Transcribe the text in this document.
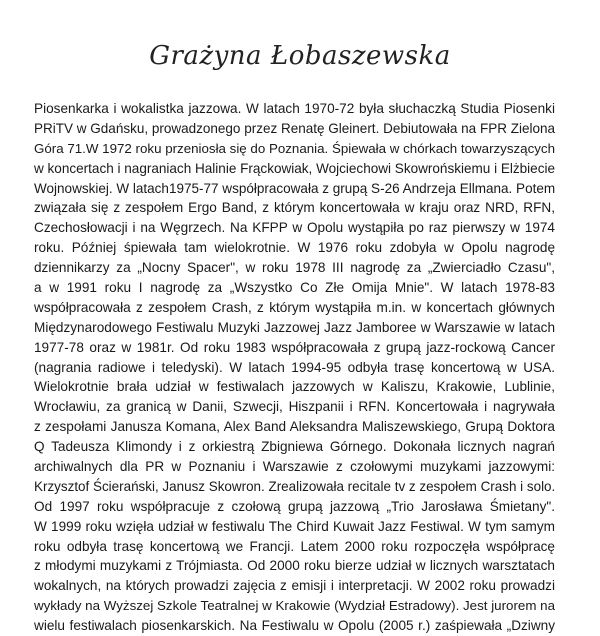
Grażyna Łobaszewska
Piosenkarka i wokalistka jazzowa. W latach 1970-72 była słuchaczką Studia Piosenki
PRiTV w Gdańsku, prowadzonego przez Renatę Gleinert. Debiutowała na FPR Zielona
Góra 71.W 1972 roku przeniosła się do Poznania. Śpiewała w chórkach towarzyszących
w koncertach i nagraniach Halinie Frąckowiak, Wojciechowi Skowrońskiemu i Elżbiecie
Wojnowskiej. W latach1975-77 współpracowała z grupą S-26 Andrzeja Ellmana. Potem
związała się z zespołem Ergo Band, z którym koncertowała w kraju oraz NRD, RFN,
Czechosłowacji i na Węgrzech. Na KFPP w Opolu wystąpiła po raz pierwszy w 1974
roku. Później śpiewała tam wielokrotnie. W 1976 roku zdobyła w Opolu nagrodę
dziennikarzy za „Nocny Spacer", w roku 1978 III nagrodę za „Zwierciadło Czasu",
a w 1991 roku I nagrodę za „Wszystko Co Złe Omija Mnie". W latach 1978-83
współpracowała z zespołem Crash, z którym wystąpiła m.in. w koncertach głównych
Międzynarodowego Festiwalu Muzyki Jazzowej Jazz Jamboree w Warszawie w latach
1977-78 oraz w 1981r. Od roku 1983 współpracowała z grupą jazz-rockową Cancer
(nagrania radiowe i teledyski). W latach 1994-95 odbyła trasę koncertową w USA.
Wielokrotnie brała udział w festiwalach jazzowych w Kaliszu, Krakowie, Lublinie,
Wrocławiu, za granicą w Danii, Szwecji, Hiszpanii i RFN. Koncertowała i nagrywała
z zespołami Janusza Komana, Alex Band Aleksandra Maliszewskiego, Grupą Doktora
Q Tadeusza Klimondy i z orkiestrą Zbigniewa Górnego. Dokonała licznych nagrań
archiwalnych dla PR w Poznaniu i Warszawie z czołowymi muzykami jazzowymi:
Krzysztof Ścierański, Janusz Skowron. Zrealizowała recitale tv z zespołem Crash i solo.
Od 1997 roku współpracuje z czołową grupą jazzową „Trio Jarosława Śmietany".
W 1999 roku wzięła udział w festiwalu The Chird Kuwait Jazz Festiwal. W tym samym
roku odbyła trasę koncertową we Francji. Latem 2000 roku rozpoczęła współpracę
z młodymi muzykami z Trójmiasta. Od 2000 roku bierze udział w licznych warsztatach
wokalnych, na których prowadzi zajęcia z emisji i interpretacji. W 2002 roku prowadzi
wykłady na Wyższej Szkole Teatralnej w Krakowie (Wydział Estradowy). Jest jurorem na
wielu festiwalach piosenkarskich. Na Festiwalu w Opolu (2005 r.) zaśpiewała „Dziwny
